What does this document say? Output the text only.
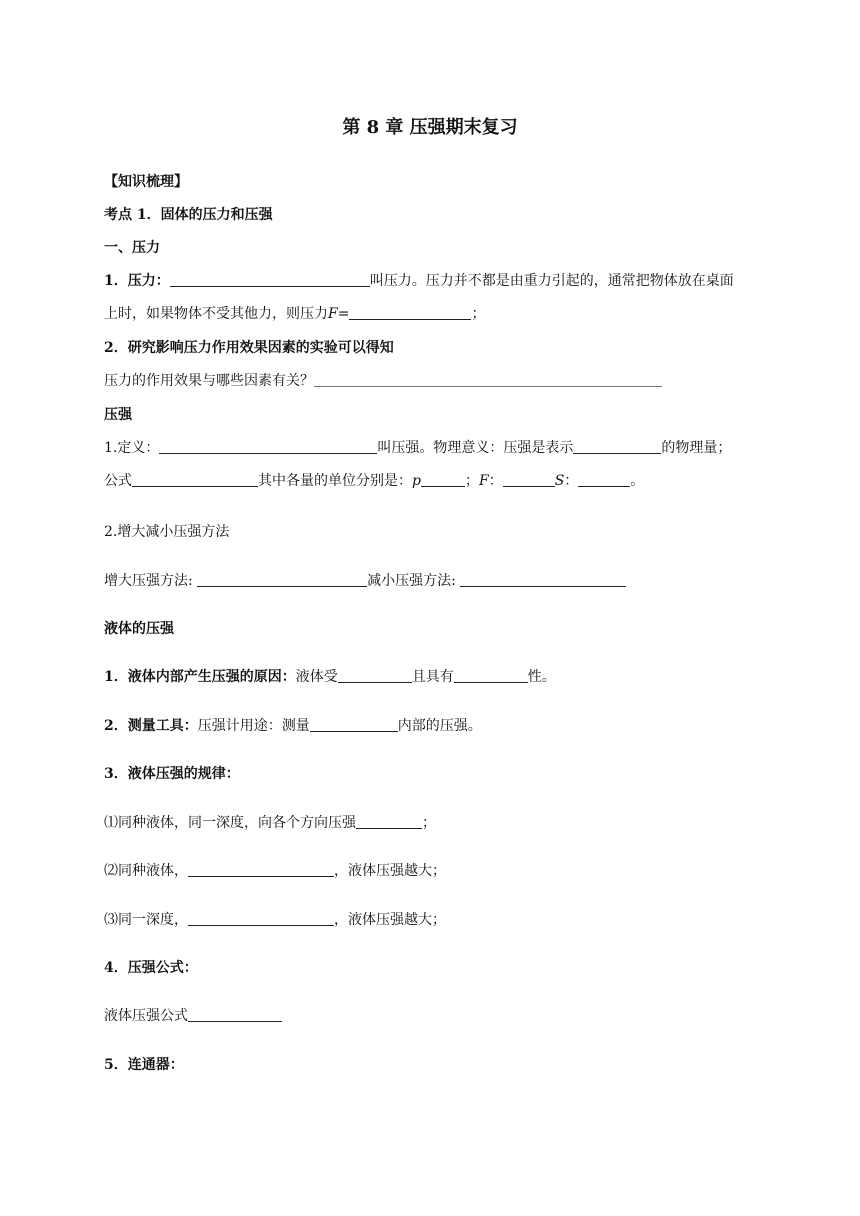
第 8 章 压强期末复习
【知识梳理】
考点 1．固体的压力和压强
一、压力
1．压力：	叫压力。压力并不都是由重力引起的，通常把物体放在桌面
上时，如果物体不受其他力，则压力F=	；
2．研究影响压力作用效果因素的实验可以得知
压力的作用效果与哪些因素有关？
压强
1.定义：	叫压强。物理意义：压强是表示	的物理量；
公式	其中各量的单位分别是：p	；F：	S：	。
2.增大减小压强方法
增大压强方法:	减小压强方法:
液体的压强
1．液体内部产生压强的原因：液体受	且具有	性。
2．测量工具：压强计用途：测量	内部的压强。
3．液体压强的规律：
⑴同种液体，同一深度，向各个方向压强	；
⑵同种液体，	，液体压强越大；
⑶同一深度，	，液体压强越大；
4．压强公式：
液体压强公式
5．连通器：
